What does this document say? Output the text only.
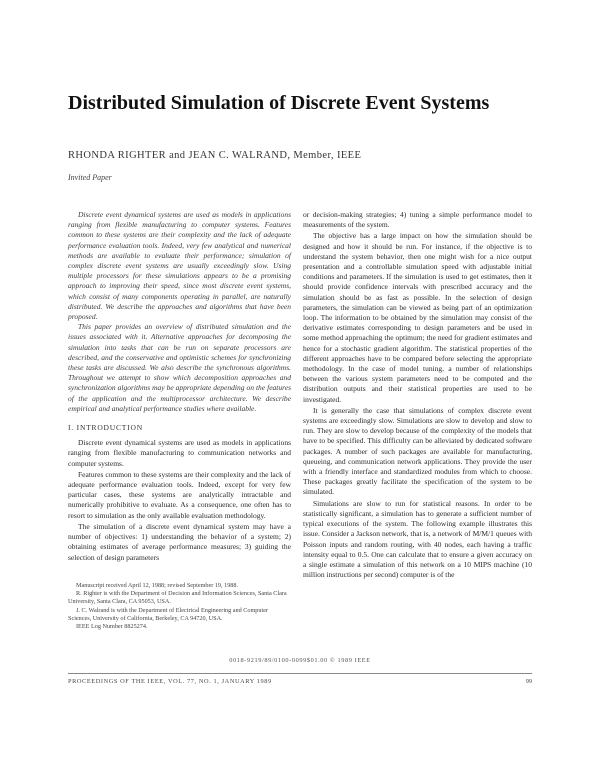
Distributed Simulation of Discrete Event Systems
RHONDA RIGHTER and JEAN C. WALRAND, Member, IEEE
Invited Paper

Discrete event dynamical systems are used as models in applications ranging from flexible manufacturing to computer systems. Features common to these systems are their complexity and the lack of adequate performance evaluation tools. Indeed, very few analytical and numerical methods are available to evaluate their performance; simulation of complex discrete event systems are usually exceedingly slow. Using multiple processors for these simulations appears to be a promising approach to improving their speed, since most discrete event systems, which consist of many components operating in parallel, are naturally distributed. We describe the approaches and algorithms that have been proposed.

This paper provides an overview of distributed simulation and the issues associated with it. Alternative approaches for decomposing the simulation into tasks that can be run on separate processors are described, and the conservative and optimistic schemes for synchronizing these tasks are discussed. We also describe the synchronous algorithms. Throughout we attempt to show which decomposition approaches and synchronization algorithms may be appropriate depending on the features of the application and the multiprocessor architecture. We describe empirical and analytical performance studies where available.

I. INTRODUCTION

Discrete event dynamical systems are used as models in applications ranging from flexible manufacturing to communication networks and computer systems.

Features common to these systems are their complexity and the lack of adequate performance evaluation tools. Indeed, except for very few particular cases, these systems are analytically intractable and numerically prohibitive to evaluate. As a consequence, one often has to resort to simulation as the only available evaluation methodology.

The simulation of a discrete event dynamical system may have a number of objectives: 1) understanding the behavior of a system; 2) obtaining estimates of average performance measures; 3) guiding the selection of design parameters

Manuscript received April 12, 1988; revised September 19, 1988.

R. Righter is with the Department of Decision and Information Sciences, Santa Clara University, Santa Clara, CA 95053, USA.

J. C. Walrand is with the Department of Electrical Engineering and Computer Sciences, University of California, Berkeley, CA 94720, USA.

IEEE Log Number 8825274.

or decision-making strategies; 4) tuning a simple performance model to measurements of the system.

The objective has a large impact on how the simulation should be designed and how it should be run. For instance, if the objective is to understand the system behavior, then one might wish for a nice output presentation and a controllable simulation speed with adjustable initial conditions and parameters. If the simulation is used to get estimates, then it should provide confidence intervals with prescribed accuracy and the simulation should be as fast as possible. In the selection of design parameters, the simulation can be viewed as being part of an optimization loop. The information to be obtained by the simulation may consist of the derivative estimates corresponding to design parameters and be used in some method approaching the optimum; the need for gradient estimates and hence for a stochastic gradient algorithm. The statistical properties of the different approaches have to be compared before selecting the appropriate methodology. In the case of model tuning, a number of relationships between the various system parameters need to be computed and the distribution outputs and their statistical properties are used to be investigated.

It is generally the case that simulations of complex discrete event systems are exceedingly slow. Simulations are slow to develop and slow to run. They are slow to develop because of the complexity of the models that have to be specified. This difficulty can be alleviated by dedicated software packages. A number of such packages are available for manufacturing, queueing, and communication network applications. They provide the user with a friendly interface and standardized modules from which to choose. These packages greatly facilitate the specification of the system to be simulated.

Simulations are slow to run for statistical reasons. In order to be statistically significant, a simulation has to generate a sufficient number of typical executions of the system. The following example illustrates this issue. Consider a Jackson network, that is, a network of M/M/1 queues with Poisson inputs and random routing, with 40 nodes, each having a traffic intensity equal to 0.5. One can calculate that to ensure a given accuracy on a single estimate a simulation of this network on a 10 MIPS machine (10 million instructions per second) computer is of the

0018-9219/89/0100-0099$01.00 © 1989 IEEE
PROCEEDINGS OF THE IEEE, VOL. 77, NO. 1, JANUARY 1989	99
